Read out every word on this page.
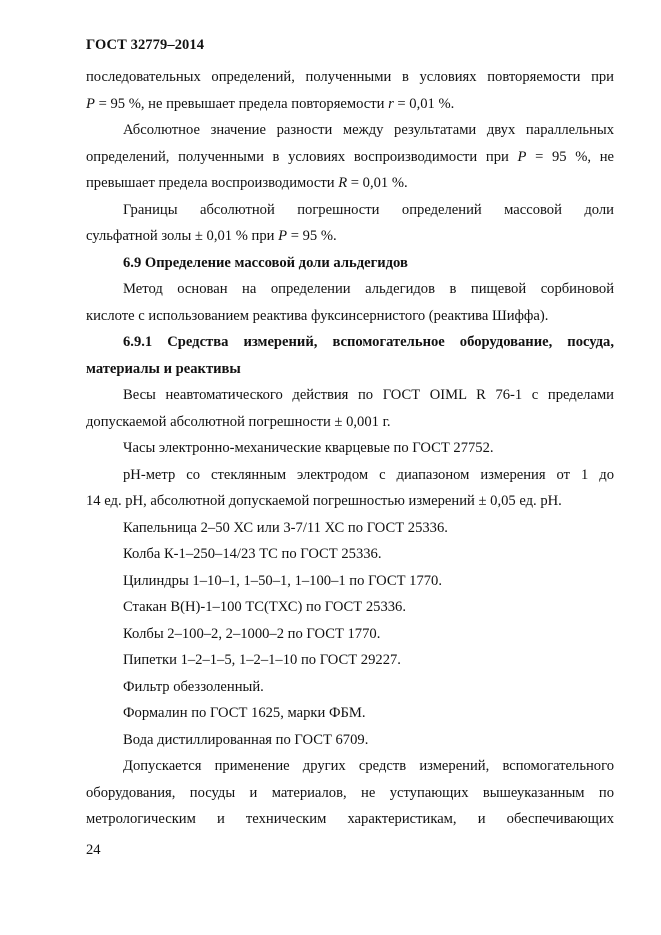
ГОСТ 32779–2014
последовательных определений, полученными в условиях повторяемости при
P = 95 %, не превышает предела повторяемости r = 0,01 %.
Абсолютное значение разности между результатами двух параллельных
определений, полученными в условиях воспроизводимости при P = 95 %, не
превышает предела воспроизводимости R = 0,01 %.
Границы абсолютной погрешности определений массовой доли
сульфатной золы ± 0,01 % при P = 95 %.
6.9 Определение массовой доли альдегидов
Метод основан на определении альдегидов в пищевой сорбиновой
кислоте с использованием реактива фуксинсернистого (реактива Шиффа).
6.9.1 Средства измерений, вспомогательное оборудование, посуда,
материалы и реактивы
Весы неавтоматического действия по ГОСТ OIML R 76-1 с пределами
допускаемой абсолютной погрешности ± 0,001 г.
Часы электронно-механические кварцевые по ГОСТ 27752.
pH-метр со стеклянным электродом с диапазоном измерения от 1 до
14 ед. pH, абсолютной допускаемой погрешностью измерений ± 0,05 ед. pH.
Капельница 2–50 ХС или 3-7/11 ХС по ГОСТ 25336.
Колба К-1–250–14/23 ТС по ГОСТ 25336.
Цилиндры 1–10–1, 1–50–1, 1–100–1 по ГОСТ 1770.
Стакан В(Н)-1–100 ТС(ТХС) по ГОСТ 25336.
Колбы 2–100–2, 2–1000–2 по ГОСТ 1770.
Пипетки 1–2–1–5, 1–2–1–10 по ГОСТ 29227.
Фильтр обеззоленный.
Формалин по ГОСТ 1625, марки ФБМ.
Вода дистиллированная по ГОСТ 6709.
Допускается применение других средств измерений, вспомогательного
оборудования, посуды и материалов, не уступающих вышеуказанным по
метрологическим и техническим характеристикам, и обеспечивающих
24
